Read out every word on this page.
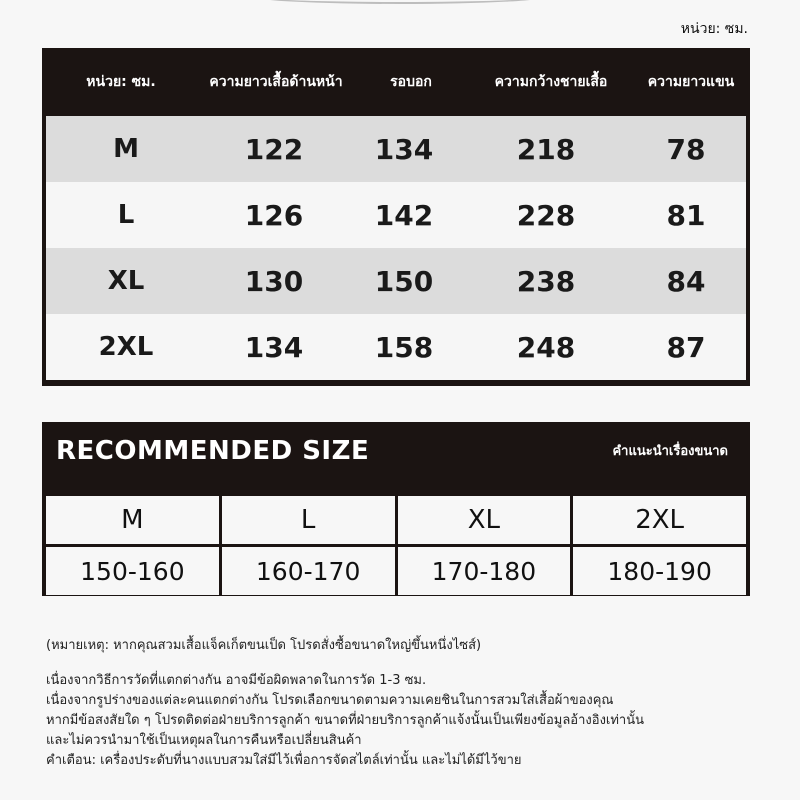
หน่วย: ซม.
หน่วย: ซม.	ความยาวเสื้อด้านหน้า	รอบอก	ความกว้างชายเสื้อ	ความยาวแขน
M	122	134	218	78
L	126	142	228	81
XL	130	150	238	84
2XL	134	158	248	87
RECOMMENDED SIZE	คำแนะนำเรื่องขนาด
M	L	XL	2XL
150-160	160-170	170-180	180-190
(หมายเหตุ: หากคุณสวมเสื้อแจ็คเก็ตขนเป็ด โปรดสั่งซื้อขนาดใหญ่ขึ้นหนึ่งไซส์)
เนื่องจากวิธีการวัดที่แตกต่างกัน อาจมีข้อผิดพลาดในการวัด 1-3 ซม.
เนื่องจากรูปร่างของแต่ละคนแตกต่างกัน โปรดเลือกขนาดตามความเคยชินในการสวมใส่เสื้อผ้าของคุณ
หากมีข้อสงสัยใด ๆ โปรดติดต่อฝ่ายบริการลูกค้า ขนาดที่ฝ่ายบริการลูกค้าแจ้งนั้นเป็นเพียงข้อมูลอ้างอิงเท่านั้น
และไม่ควรนำมาใช้เป็นเหตุผลในการคืนหรือเปลี่ยนสินค้า
คำเตือน: เครื่องประดับที่นางแบบสวมใส่มีไว้เพื่อการจัดสไตล์เท่านั้น และไม่ได้มีไว้ขาย
